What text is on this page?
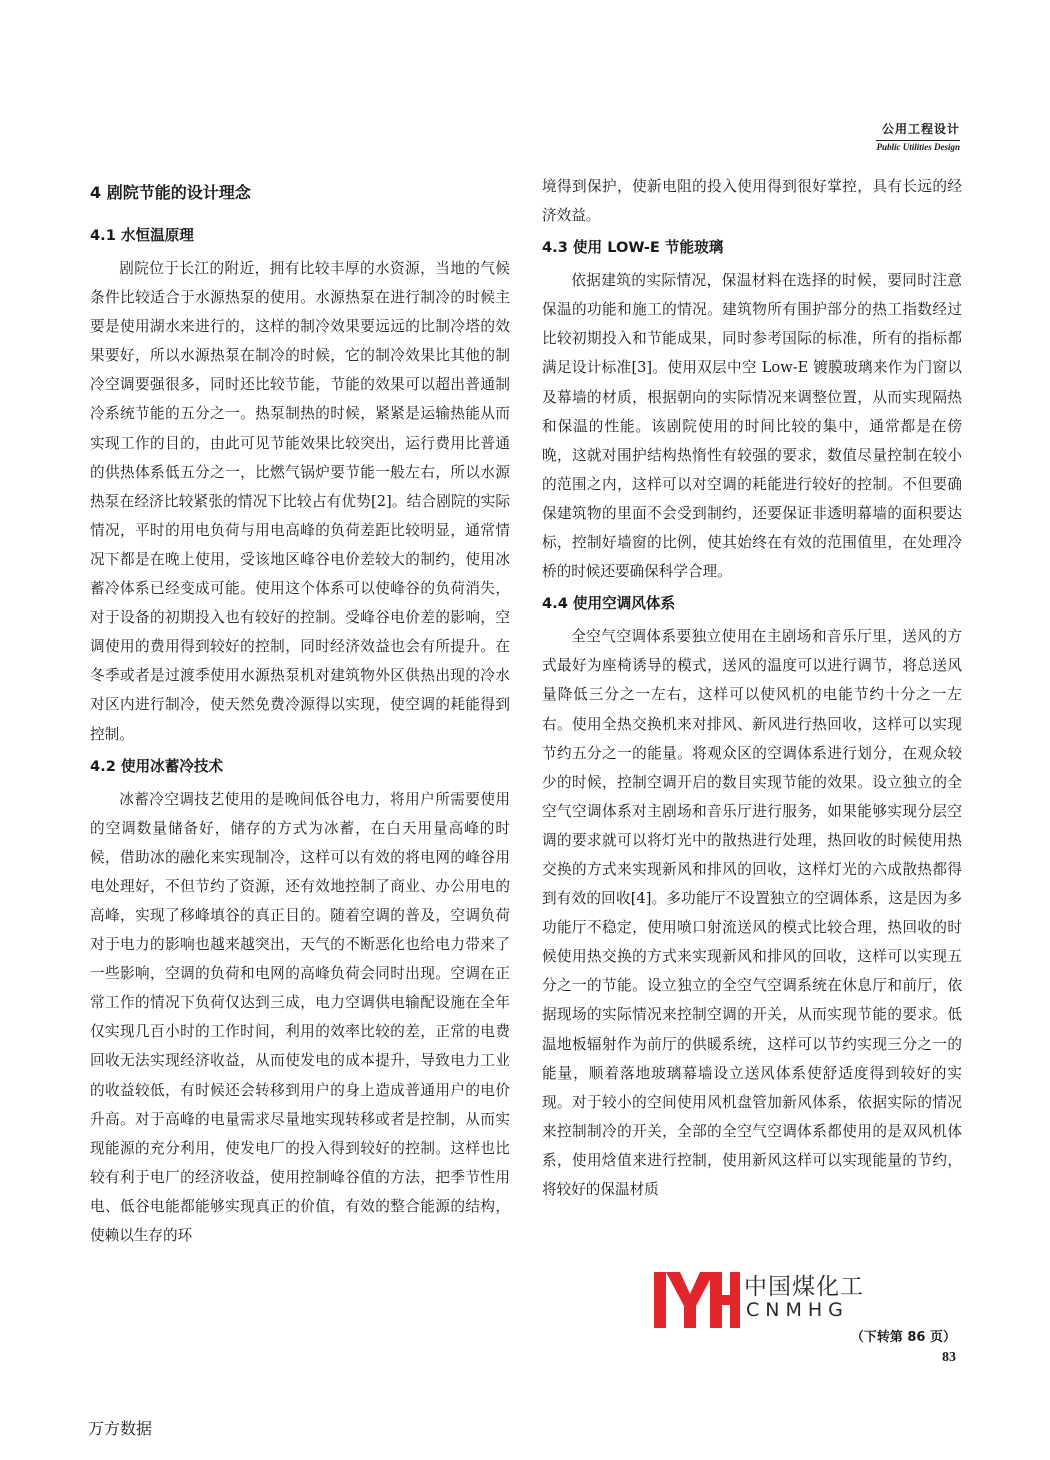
公用工程设计
Public Utilities Design
4 剧院节能的设计理念
4.1 水恒温原理

剧院位于长江的附近，拥有比较丰厚的水资源，当地的气候条件比较适合于水源热泵的使用。水源热泵在进行制冷的时候主要是使用湖水来进行的，这样的制冷效果要远远的比制冷塔的效果要好，所以水源热泵在制冷的时候，它的制冷效果比其他的制冷空调要强很多，同时还比较节能，节能的效果可以超出普通制冷系统节能的五分之一。热泵制热的时候，紧紧是运输热能从而实现工作的目的，由此可见节能效果比较突出，运行费用比普通的供热体系低五分之一，比燃气锅炉要节能一般左右，所以水源热泵在经济比较紧张的情况下比较占有优势[2]。结合剧院的实际情况，平时的用电负荷与用电高峰的负荷差距比较明显，通常情况下都是在晚上使用，受该地区峰谷电价差较大的制约，使用冰蓄冷体系已经变成可能。使用这个体系可以使峰谷的负荷消失，对于设备的初期投入也有较好的控制。受峰谷电价差的影响，空调使用的费用得到较好的控制，同时经济效益也会有所提升。在冬季或者是过渡季使用水源热泵机对建筑物外区供热出现的冷水对区内进行制冷，使天然免费冷源得以实现，使空调的耗能得到控制。

4.2 使用冰蓄冷技术

冰蓄冷空调技艺使用的是晚间低谷电力，将用户所需要使用的空调数量储备好，储存的方式为冰蓄，在白天用量高峰的时候，借助冰的融化来实现制冷，这样可以有效的将电网的峰谷用电处理好，不但节约了资源，还有效地控制了商业、办公用电的高峰，实现了移峰填谷的真正目的。随着空调的普及，空调负荷对于电力的影响也越来越突出，天气的不断恶化也给电力带来了一些影响，空调的负荷和电网的高峰负荷会同时出现。空调在正常工作的情况下负荷仅达到三成，电力空调供电输配设施在全年仅实现几百小时的工作时间，利用的效率比较的差，正常的电费回收无法实现经济收益，从而使发电的成本提升，导致电力工业的收益较低，有时候还会转移到用户的身上造成普通用户的电价升高。对于高峰的电量需求尽量地实现转移或者是控制，从而实现能源的充分利用，使发电厂的投入得到较好的控制。这样也比较有利于电厂的经济收益，使用控制峰谷值的方法，把季节性用电、低谷电能都能够实现真正的价值，有效的整合能源的结构，使赖以生存的环

境得到保护，使新电阻的投入使用得到很好掌控，具有长远的经济效益。

4.3 使用 LOW-E 节能玻璃

依据建筑的实际情况，保温材料在选择的时候，要同时注意保温的功能和施工的情况。建筑物所有围护部分的热工指数经过比较初期投入和节能成果，同时参考国际的标准，所有的指标都满足设计标准[3]。使用双层中空 Low-E 镀膜玻璃来作为门窗以及幕墙的材质，根据朝向的实际情况来调整位置，从而实现隔热和保温的性能。该剧院使用的时间比较的集中，通常都是在傍晚，这就对围护结构热惰性有较强的要求，数值尽量控制在较小的范围之内，这样可以对空调的耗能进行较好的控制。不但要确保建筑物的里面不会受到制约，还要保证非透明幕墙的面积要达标，控制好墙窗的比例，使其始终在有效的范围值里，在处理冷桥的时候还要确保科学合理。

4.4 使用空调风体系

全空气空调体系要独立使用在主剧场和音乐厅里，送风的方式最好为座椅诱导的模式，送风的温度可以进行调节，将总送风量降低三分之一左右，这样可以使风机的电能节约十分之一左右。使用全热交换机来对排风、新风进行热回收，这样可以实现节约五分之一的能量。将观众区的空调体系进行划分，在观众较少的时候，控制空调开启的数目实现节能的效果。设立独立的全空气空调体系对主剧场和音乐厅进行服务，如果能够实现分层空调的要求就可以将灯光中的散热进行处理，热回收的时候使用热交换的方式来实现新风和排风的回收，这样灯光的六成散热都得到有效的回收[4]。多功能厅不设置独立的空调体系，这是因为多功能厅不稳定，使用喷口射流送风的模式比较合理，热回收的时候使用热交换的方式来实现新风和排风的回收，这样可以实现五分之一的节能。设立独立的全空气空调系统在休息厅和前厅，依据现场的实际情况来控制空调的开关，从而实现节能的要求。低温地板辐射作为前厅的供暖系统，这样可以节约实现三分之一的能量，顺着落地玻璃幕墙设立送风体系使舒适度得到较好的实现。对于较小的空间使用风机盘管加新风体系，依据实际的情况来控制制冷的开关，全部的全空气空调体系都使用的是双风机体系，使用焓值来进行控制，使用新风这样可以实现能量的节约，将较好的保温材质

中国煤化工
CNMHG
（下转第 86 页）
83
万方数据
